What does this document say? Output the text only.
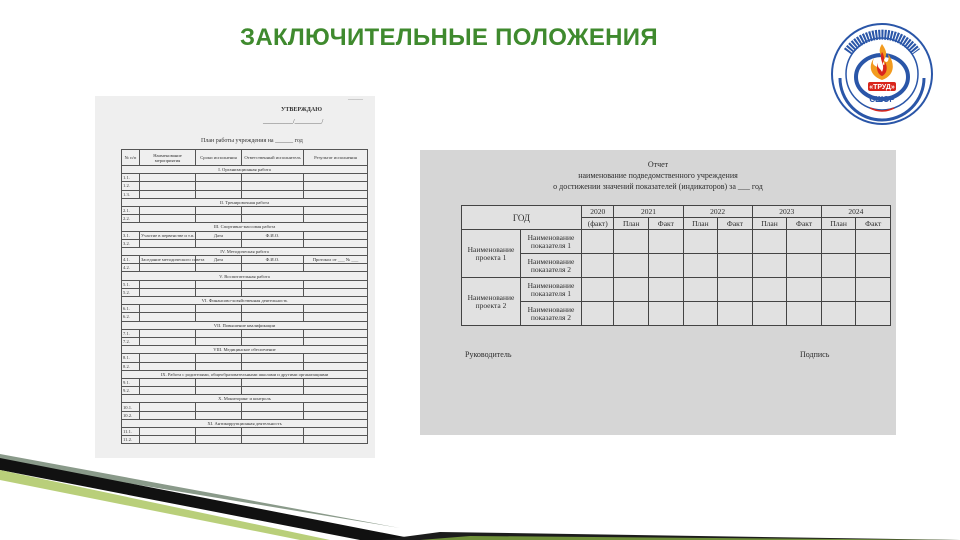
ЗАКЛЮЧИТЕЛЬНЫЕ ПОЛОЖЕНИЯ
«ТРУД»
СШОР
———
УТВЕРЖДАЮ
__________/_________/
План работы учреждения на ______ год
№ п/п	Наименование мероприятия	Сроки исполнения	Ответственный исполнитель	Результат исполнения
I. Организационная работа				
1.1.				
1.2.				
1.3.				
II. Тренировочная работа				
2.1.				
2.2.				
III. Спортивно-массовая работа				
3.1.	Участие в первенстве и т.п.	Дата	Ф.И.О.	
3.2.				
IV. Методическая работа				
4.1.	Заседание методического совета	Дата	Ф.И.О.	Протокол от ___ № ___
4.2.				
V. Воспитательная работа				
5.1.				
5.2.				
VI. Финансово-хозяйственная деятельность				
6.1.				
6.2.				
VII. Повышение квалификации				
7.1.				
7.2.				
VIII. Медицинское обеспечение				
8.1.				
8.2.				
IX. Работа с родителями, общеобразовательными школами и другими организациями				
9.1.				
9.2.				
X. Мониторинг и контроль				
10.1.				
10.2.				
XI. Антикоррупционная деятельность				
11.1.				
11.2.				
Отчет
наименование подведомственного учреждения
о достижении значений показателей (индикаторов) за ___ год
ГОД		2020	2021		2022		2023		2024	
		(факт)	План	Факт	План	Факт	План	Факт	План	Факт
Наименование проекта 1	Наименование показателя 1									
	Наименование показателя 2									
Наименование проекта 2	Наименование показателя 1									
	Наименование показателя 2									
Руководитель	Подпись
